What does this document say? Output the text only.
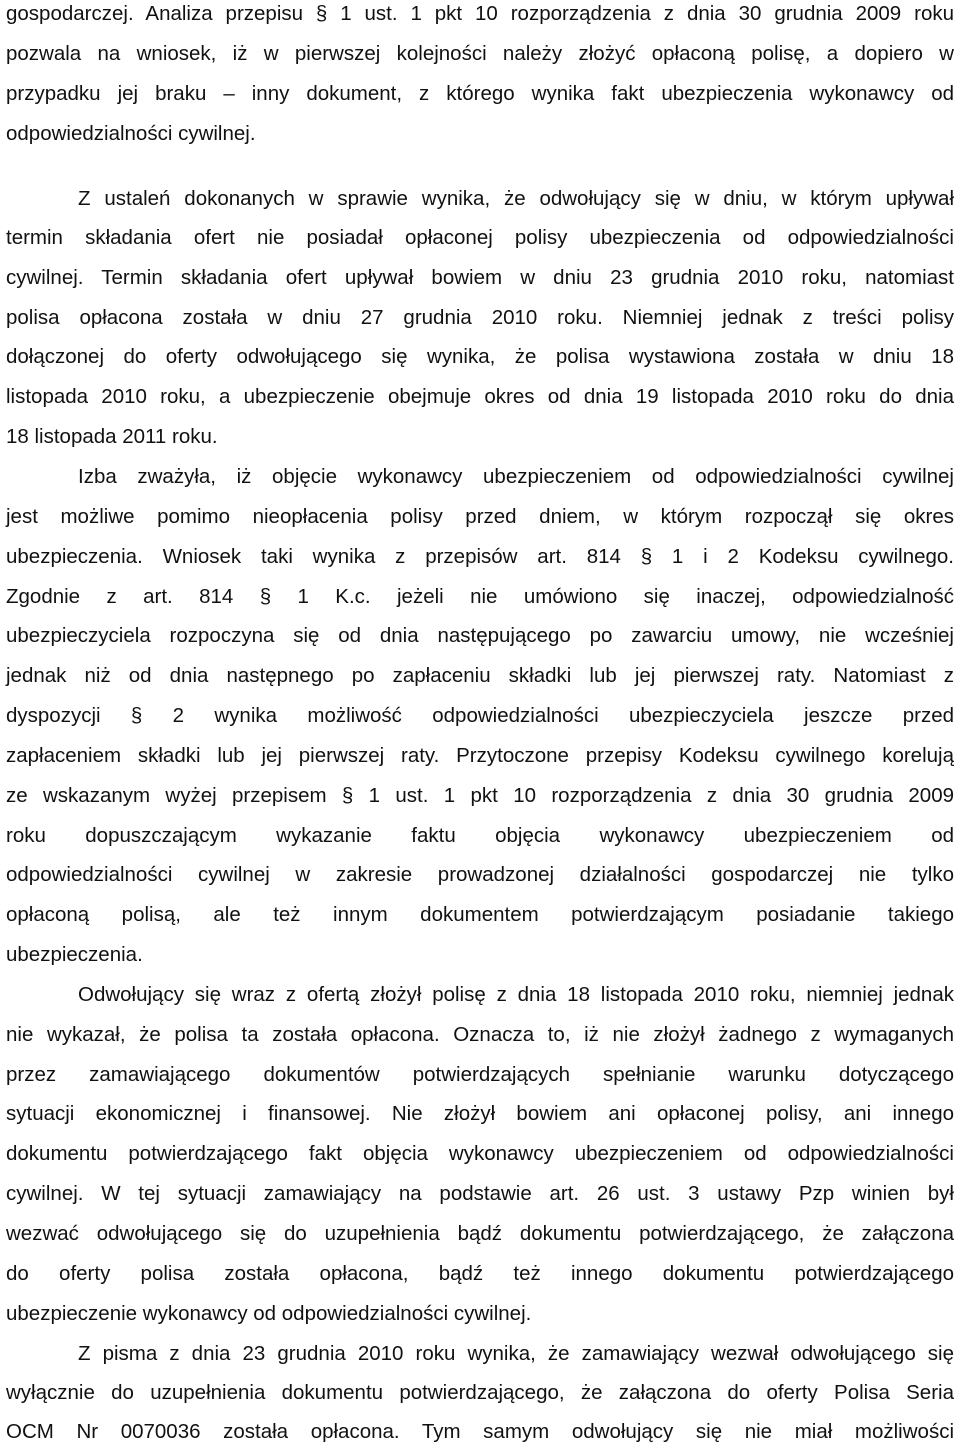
gospodarczej. Analiza przepisu § 1 ust. 1 pkt 10 rozporządzenia z dnia 30 grudnia 2009 roku
pozwala na wniosek, iż w pierwszej kolejności należy złożyć opłaconą polisę, a dopiero w
przypadku jej braku – inny dokument, z którego wynika fakt ubezpieczenia wykonawcy od
odpowiedzialności cywilnej.
Z ustaleń dokonanych w sprawie wynika, że odwołujący się w dniu, w którym upływał
termin składania ofert nie posiadał opłaconej polisy ubezpieczenia od odpowiedzialności
cywilnej. Termin składania ofert upływał bowiem w dniu 23 grudnia 2010 roku, natomiast
polisa opłacona została w dniu 27 grudnia 2010 roku. Niemniej jednak z treści polisy
dołączonej do oferty odwołującego się wynika, że polisa wystawiona została w dniu 18
listopada 2010 roku, a ubezpieczenie obejmuje okres od dnia 19 listopada 2010 roku do dnia
18 listopada 2011 roku.
Izba zważyła, iż objęcie wykonawcy ubezpieczeniem od odpowiedzialności cywilnej
jest możliwe pomimo nieopłacenia polisy przed dniem, w którym rozpoczął się okres
ubezpieczenia. Wniosek taki wynika z przepisów art. 814 § 1 i 2 Kodeksu cywilnego.
Zgodnie z art. 814 § 1 K.c. jeżeli nie umówiono się inaczej, odpowiedzialność
ubezpieczyciela rozpoczyna się od dnia następującego po zawarciu umowy, nie wcześniej
jednak niż od dnia następnego po zapłaceniu składki lub jej pierwszej raty. Natomiast z
dyspozycji § 2 wynika możliwość odpowiedzialności ubezpieczyciela jeszcze przed
zapłaceniem składki lub jej pierwszej raty. Przytoczone przepisy Kodeksu cywilnego korelują
ze wskazanym wyżej przepisem § 1 ust. 1 pkt 10 rozporządzenia z dnia 30 grudnia 2009
roku dopuszczającym wykazanie faktu objęcia wykonawcy ubezpieczeniem od
odpowiedzialności cywilnej w zakresie prowadzonej działalności gospodarczej nie tylko
opłaconą polisą, ale też innym dokumentem potwierdzającym posiadanie takiego
ubezpieczenia.
Odwołujący się wraz z ofertą złożył polisę z dnia 18 listopada 2010 roku, niemniej jednak
nie wykazał, że polisa ta została opłacona. Oznacza to, iż nie złożył żadnego z wymaganych
przez zamawiającego dokumentów potwierdzających spełnianie warunku dotyczącego
sytuacji ekonomicznej i finansowej. Nie złożył bowiem ani opłaconej polisy, ani innego
dokumentu potwierdzającego fakt objęcia wykonawcy ubezpieczeniem od odpowiedzialności
cywilnej. W tej sytuacji zamawiający na podstawie art. 26 ust. 3 ustawy Pzp winien był
wezwać odwołującego się do uzupełnienia bądź dokumentu potwierdzającego, że załączona
do oferty polisa została opłacona, bądź też innego dokumentu potwierdzającego
ubezpieczenie wykonawcy od odpowiedzialności cywilnej.
Z pisma z dnia 23 grudnia 2010 roku wynika, że zamawiający wezwał odwołującego się
wyłącznie do uzupełnienia dokumentu potwierdzającego, że załączona do oferty Polisa Seria
OCM Nr 0070036 została opłacona. Tym samym odwołujący się nie miał możliwości
